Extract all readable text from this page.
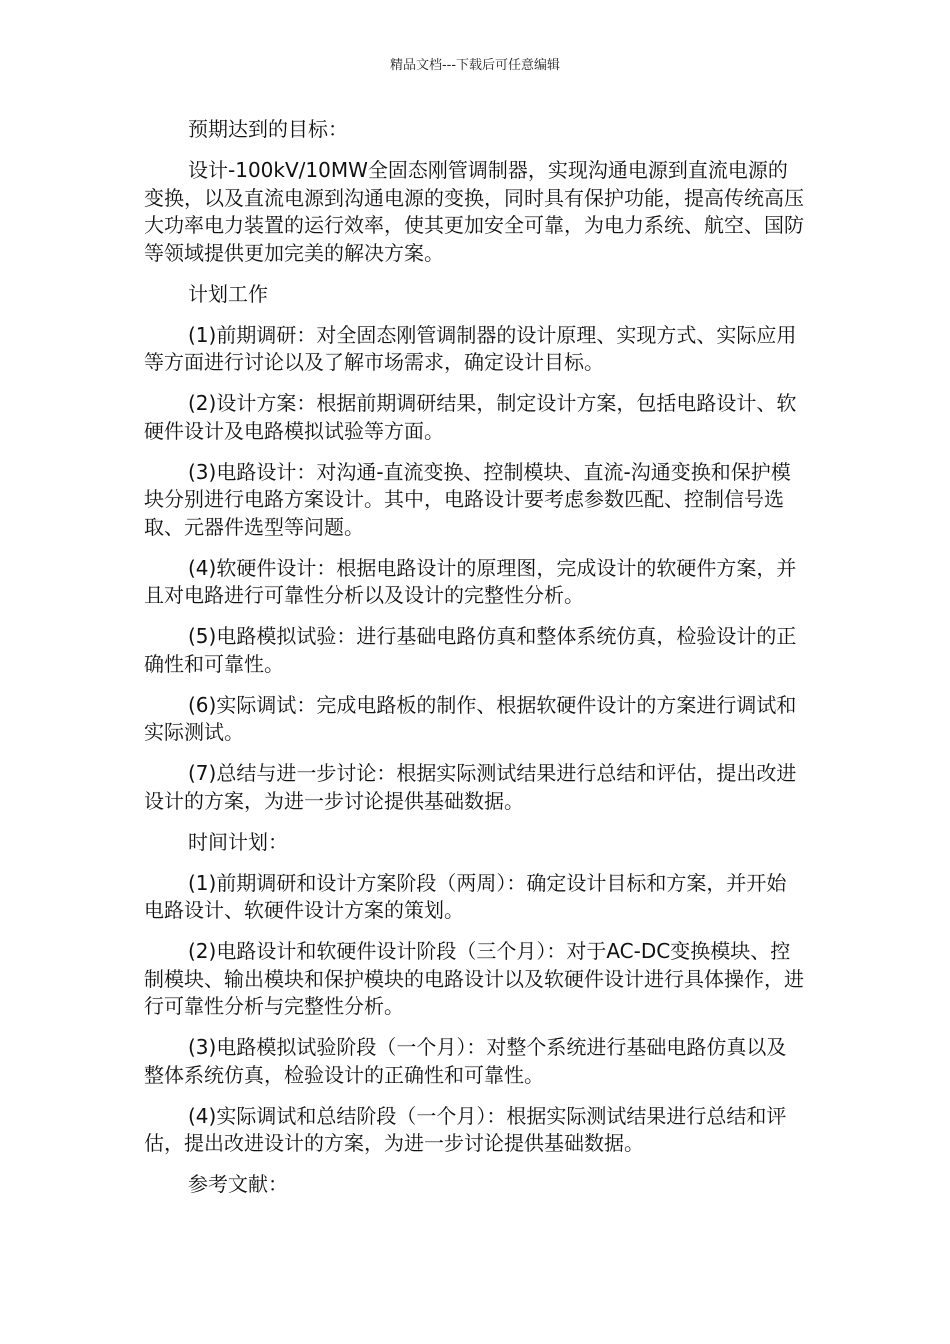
精品文档---下载后可任意编辑

预期达到的目标：

设计-100kV/10MW全固态刚管调制器，实现沟通电源到直流电源的变换，以及直流电源到沟通电源的变换，同时具有保护功能，提高传统高压大功率电力装置的运行效率，使其更加安全可靠，为电力系统、航空、国防等领域提供更加完美的解决方案。

计划工作

(1)前期调研：对全固态刚管调制器的设计原理、实现方式、实际应用等方面进行讨论以及了解市场需求，确定设计目标。

(2)设计方案：根据前期调研结果，制定设计方案，包括电路设计、软硬件设计及电路模拟试验等方面。

(3)电路设计：对沟通-直流变换、控制模块、直流-沟通变换和保护模块分别进行电路方案设计。其中，电路设计要考虑参数匹配、控制信号选取、元器件选型等问题。

(4)软硬件设计：根据电路设计的原理图，完成设计的软硬件方案，并且对电路进行可靠性分析以及设计的完整性分析。

(5)电路模拟试验：进行基础电路仿真和整体系统仿真，检验设计的正确性和可靠性。

(6)实际调试：完成电路板的制作、根据软硬件设计的方案进行调试和实际测试。

(7)总结与进一步讨论：根据实际测试结果进行总结和评估，提出改进设计的方案，为进一步讨论提供基础数据。

时间计划：

(1)前期调研和设计方案阶段（两周）：确定设计目标和方案，并开始电路设计、软硬件设计方案的策划。

(2)电路设计和软硬件设计阶段（三个月）：对于AC-DC变换模块、控制模块、输出模块和保护模块的电路设计以及软硬件设计进行具体操作，进行可靠性分析与完整性分析。

(3)电路模拟试验阶段（一个月）：对整个系统进行基础电路仿真以及整体系统仿真，检验设计的正确性和可靠性。

(4)实际调试和总结阶段（一个月）：根据实际测试结果进行总结和评估，提出改进设计的方案，为进一步讨论提供基础数据。

参考文献：
